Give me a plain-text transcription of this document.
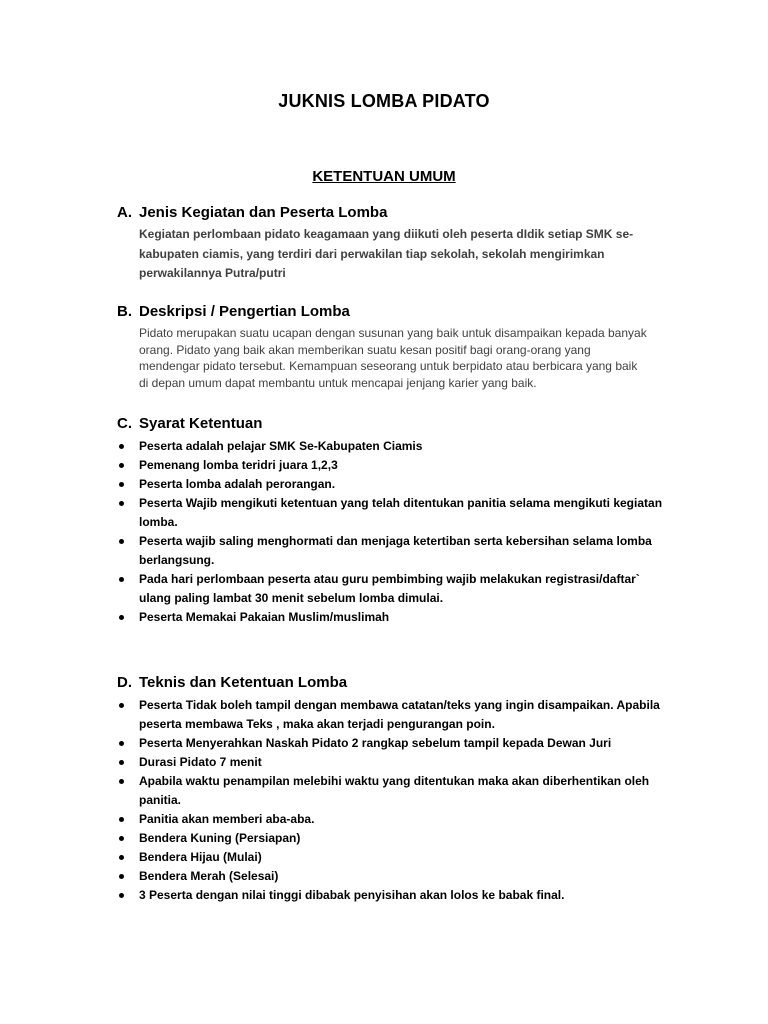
JUKNIS LOMBA PIDATO
KETENTUAN UMUM
A. Jenis Kegiatan dan Peserta Lomba
Kegiatan perlombaan pidato keagamaan yang diikuti oleh peserta dIdik setiap SMK se-kabupaten ciamis, yang terdiri dari perwakilan tiap sekolah, sekolah mengirimkan perwakilannya Putra/putri
B. Deskripsi / Pengertian Lomba
Pidato merupakan suatu ucapan dengan susunan yang baik untuk disampaikan kepada banyak orang. Pidato yang baik akan memberikan suatu kesan positif bagi orang-orang yang mendengar pidato tersebut. Kemampuan seseorang untuk berpidato atau berbicara yang baik di depan umum dapat membantu untuk mencapai jenjang karier yang baik.
C. Syarat Ketentuan
Peserta adalah pelajar SMK Se-Kabupaten Ciamis
Pemenang lomba teridri juara 1,2,3
Peserta lomba adalah perorangan.
Peserta Wajib mengikuti ketentuan yang telah ditentukan panitia selama mengikuti kegiatan lomba.
Peserta wajib saling menghormati dan menjaga ketertiban serta kebersihan selama lomba berlangsung.
Pada hari perlombaan peserta atau guru pembimbing wajib melakukan registrasi/daftar` ulang paling lambat 30 menit sebelum lomba dimulai.
Peserta Memakai Pakaian Muslim/muslimah
D. Teknis dan Ketentuan Lomba
Peserta Tidak boleh tampil dengan membawa catatan/teks yang ingin disampaikan. Apabila peserta membawa Teks , maka akan terjadi pengurangan poin.
Peserta Menyerahkan Naskah Pidato 2 rangkap sebelum tampil kepada Dewan Juri
Durasi Pidato 7 menit
Apabila waktu penampilan melebihi waktu yang ditentukan maka akan diberhentikan oleh panitia.
Panitia akan memberi aba-aba.
Bendera Kuning (Persiapan)
Bendera Hijau (Mulai)
Bendera Merah (Selesai)
3 Peserta dengan nilai tinggi dibabak penyisihan akan lolos ke babak final.
